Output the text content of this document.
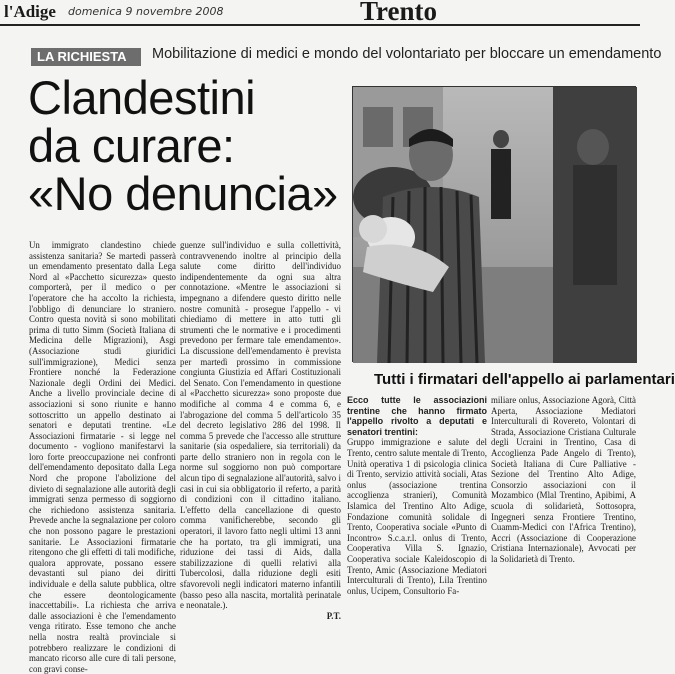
l'Adige domenica 9 novembre 2008	Trento
LA RICHIESTA	Mobilitazione di medici e mondo del volontariato per bloccare un emendamento
Clandestini
da curare:
«No denuncia»

Un immigrato clandestino chiede assistenza sanitaria? Se martedì passerà un emendamento presentato dalla Lega Nord al «Pacchetto sicurezza» questo comporterà, per il medico o per l'operatore che ha accolto la richiesta, l'obbligo di denunciare lo straniero. Contro questa novità si sono mobilitati prima di tutto Simm (Società Italiana di Medicina delle Migrazioni), Asgi (Associazione studi giuridici sull'immigrazione), Medici senza Frontiere nonché la Federazione Nazionale degli Ordini dei Medici. Anche a livello provinciale decine di associazioni si sono riunite e hanno sottoscritto un appello destinato ai senatori e deputati trentine. «Le Associazioni firmatarie - si legge nel documento - vogliono manifestarvi la loro forte preoccupazione nei confronti dell'emendamento depositato dalla Lega Nord che propone l'abolizione del divieto di segnalazione alle autorità degli immigrati senza permesso di soggiorno che richiedono assistenza sanitaria. Prevede anche la segnalazione per coloro che non possono pagare le prestazioni sanitarie. Le Associazioni firmatarie ritengono che gli effetti di tali modifiche, qualora approvate, possano essere devastanti sul piano dei diritti individuale e della salute pubblica, oltre che essere deontologicamente inaccettabili». La richiesta che arriva dalle associazioni è che l'emendamento venga ritirato. Esse temono che anche nella nostra realtà provinciale si potrebbero realizzare le condizioni di mancato ricorso alle cure di tali persone, con gravi conse-

guenze sull'individuo e sulla collettività, contravvenendo inoltre al principio della salute come diritto dell'individuo indipendentemente da ogni sua altra connotazione. «Mentre le associazioni si impegnano a difendere questo diritto nelle nostre comunità - prosegue l'appello - vi chiediamo di mettere in atto tutti gli strumenti che le normative e i procedimenti prevedono per fermare tale emendamento». La discussione dell'emendamento è prevista per martedì prossimo in commissione congiunta Giustizia ed Affari Costituzionali del Senato. Con l'emendamento in questione al «Pacchetto sicurezza» sono proposte due modifiche al comma 4 e comma 6, e l'abrogazione del comma 5 dell'articolo 35 del decreto legislativo 286 del 1998. Il comma 5 prevede che l'accesso alle strutture sanitarie (sia ospedaliere, sia territoriali) da parte dello straniero non in regola con le norme sul soggiorno non può comportare alcun tipo di segnalazione all'autorità, salvo i casi in cui sia obbligatorio il referto, a parità di condizioni con il cittadino italiano. L'effetto della cancellazione di questo comma vanificherebbe, secondo gli operatori, il lavoro fatto negli ultimi 13 anni che ha portato, tra gli immigrati, una riduzione dei tassi di Aids, dalla stabilizzazione di quelli relativi alla Tubercolosi, dalla riduzione degli esiti sfavorevoli negli indicatori materno infantili (basso peso alla nascita, mortalità perinatale e neonatale.).

P.T.
Tutti i firmatari dell'appello ai parlamentari

Ecco tutte le associazioni trentine che hanno firmato l'appello rivolto a deputati e senatori trentini:

Gruppo immigrazione e salute del Trento, centro salute mentale di Trento, Unità operativa 1 di psicologia clinica di Trento, servizio attività sociali, Atas onlus (associazione trentina accoglienza stranieri), Comunità Islamica del Trentino Alto Adige, Fondazione comunità solidale di Trento, Cooperativa sociale «Punto di Incontro» S.c.a.r.l. onlus di Trento, Cooperativa Villa S. Ignazio, Cooperativa sociale Kaleidoscopio di Trento, Amic (Associazione Mediatori Interculturali di Trento), Lila Trentino onlus, Ucipem, Consultorio Fa-

miliare onlus, Associazione Agorà, Città Aperta, Associazione Mediatori Interculturali di Rovereto, Volontari di Strada, Associazione Cristiana Culturale degli Ucraini in Trentino, Casa di Accoglienza Pade Angelo di Trento), Società Italiana di Cure Palliative - Sezione del Trentino Alto Adige, Consorzio associazioni con il Mozambico (Mlal Trentino, Apibimi, A scuola di solidarietà, Sottosopra, Ingegneri senza Frontiere Trentino, Cuamm-Medici con l'Africa Trentino), Accri (Associazione di Cooperazione Cristiana Internazionale), Avvocati per la Solidarietà di Trento.
